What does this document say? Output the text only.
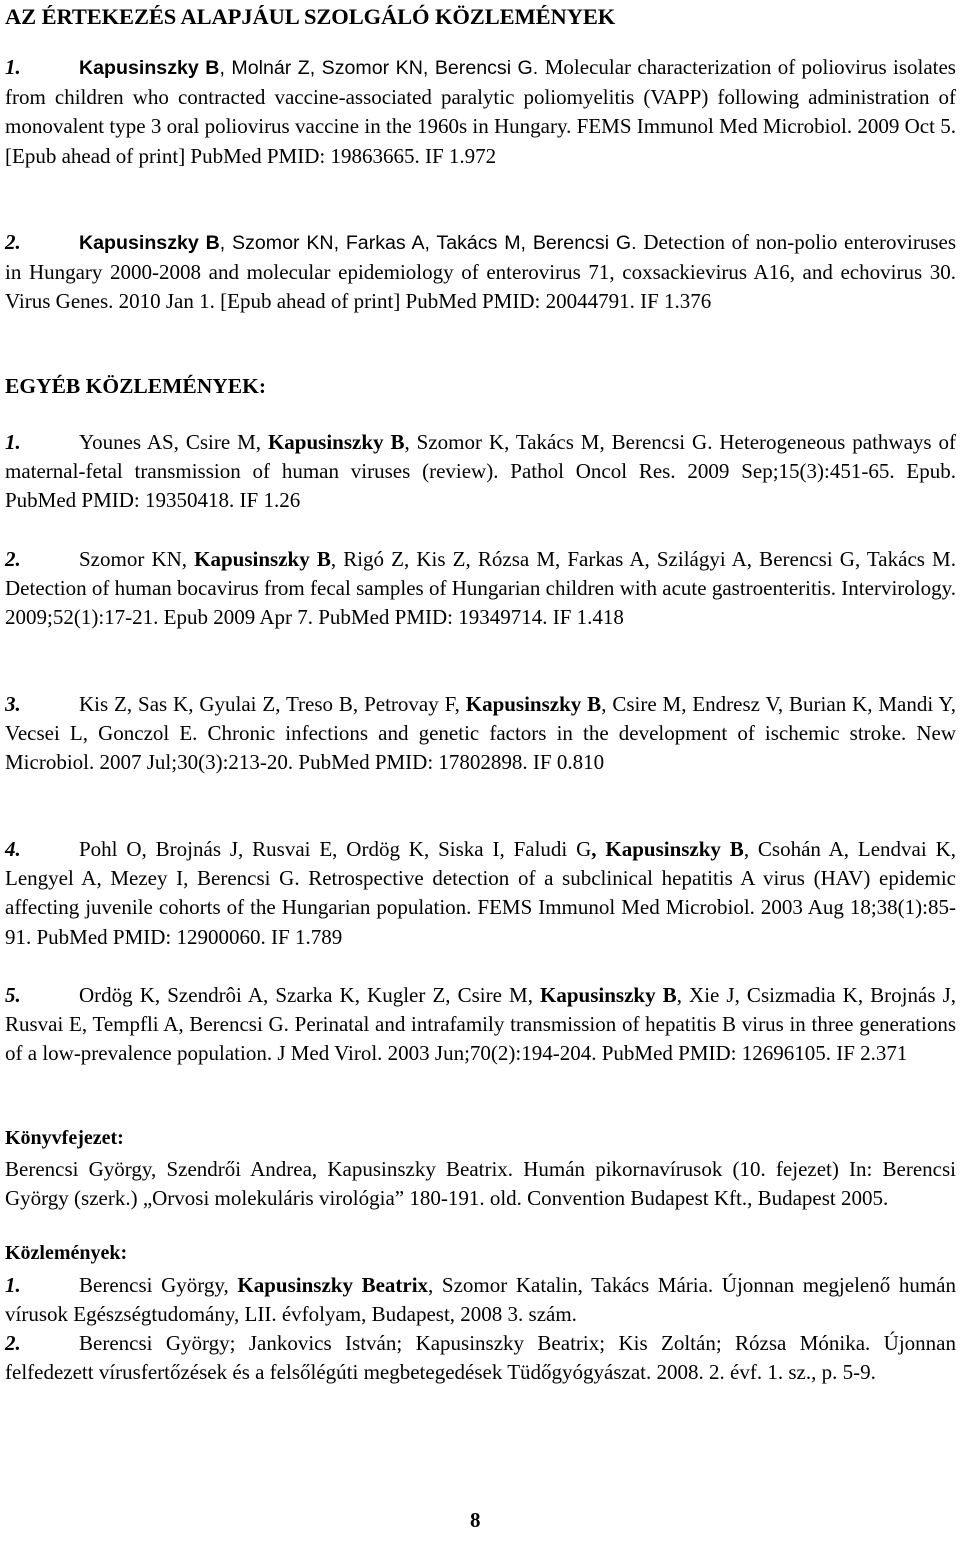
AZ ÉRTEKEZÉS ALAPJÁUL SZOLGÁLÓ KÖZLEMÉNYEK
1.	Kapusinszky B, Molnár Z, Szomor KN, Berencsi G. Molecular characterization of poliovirus isolates from children who contracted vaccine-associated paralytic poliomyelitis (VAPP) following administration of monovalent type 3 oral poliovirus vaccine in the 1960s in Hungary. FEMS Immunol Med Microbiol. 2009 Oct 5. [Epub ahead of print] PubMed PMID: 19863665. IF 1.972
2.	Kapusinszky B, Szomor KN, Farkas A, Takács M, Berencsi G. Detection of non-polio enteroviruses in Hungary 2000-2008 and molecular epidemiology of enterovirus 71, coxsackievirus A16, and echovirus 30. Virus Genes. 2010 Jan 1. [Epub ahead of print] PubMed PMID: 20044791. IF 1.376
EGYÉB KÖZLEMÉNYEK:
1.	Younes AS, Csire M, Kapusinszky B, Szomor K, Takács M, Berencsi G. Heterogeneous pathways of maternal-fetal transmission of human viruses (review). Pathol Oncol Res. 2009 Sep;15(3):451-65. Epub. PubMed PMID: 19350418. IF 1.26
2.	Szomor KN, Kapusinszky B, Rigó Z, Kis Z, Rózsa M, Farkas A, Szilágyi A, Berencsi G, Takács M. Detection of human bocavirus from fecal samples of Hungarian children with acute gastroenteritis. Intervirology. 2009;52(1):17-21. Epub 2009 Apr 7. PubMed PMID: 19349714. IF 1.418
3.	Kis Z, Sas K, Gyulai Z, Treso B, Petrovay F, Kapusinszky B, Csire M, Endresz V, Burian K, Mandi Y, Vecsei L, Gonczol E. Chronic infections and genetic factors in the development of ischemic stroke. New Microbiol. 2007 Jul;30(3):213-20. PubMed PMID: 17802898. IF 0.810
4.	Pohl O, Brojnás J, Rusvai E, Ordög K, Siska I, Faludi G, Kapusinszky B, Csohán A, Lendvai K, Lengyel A, Mezey I, Berencsi G. Retrospective detection of a subclinical hepatitis A virus (HAV) epidemic affecting juvenile cohorts of the Hungarian population. FEMS Immunol Med Microbiol. 2003 Aug 18;38(1):85-91. PubMed PMID: 12900060. IF 1.789
5.	Ordög K, Szendrôi A, Szarka K, Kugler Z, Csire M, Kapusinszky B, Xie J, Csizmadia K, Brojnás J, Rusvai E, Tempfli A, Berencsi G. Perinatal and intrafamily transmission of hepatitis B virus in three generations of a low-prevalence population. J Med Virol. 2003 Jun;70(2):194-204. PubMed PMID: 12696105. IF 2.371
Könyvfejezet:
Berencsi György, Szendrői Andrea, Kapusinszky Beatrix. Humán pikornavírusok (10. fejezet) In: Berencsi György (szerk.) „Orvosi molekuláris virológia” 180-191. old. Convention Budapest Kft., Budapest 2005.
Közlemények:
1.	Berencsi György, Kapusinszky Beatrix, Szomor Katalin, Takács Mária. Újonnan megjelenő humán vírusok Egészségtudomány, LII. évfolyam, Budapest, 2008 3. szám.
2.	Berencsi György; Jankovics István; Kapusinszky Beatrix; Kis Zoltán; Rózsa Mónika. Újonnan felfedezett vírusfertőzések és a felsőlégúti megbetegedések Tüdőgyógyászat. 2008. 2. évf. 1. sz., p. 5-9.
8
